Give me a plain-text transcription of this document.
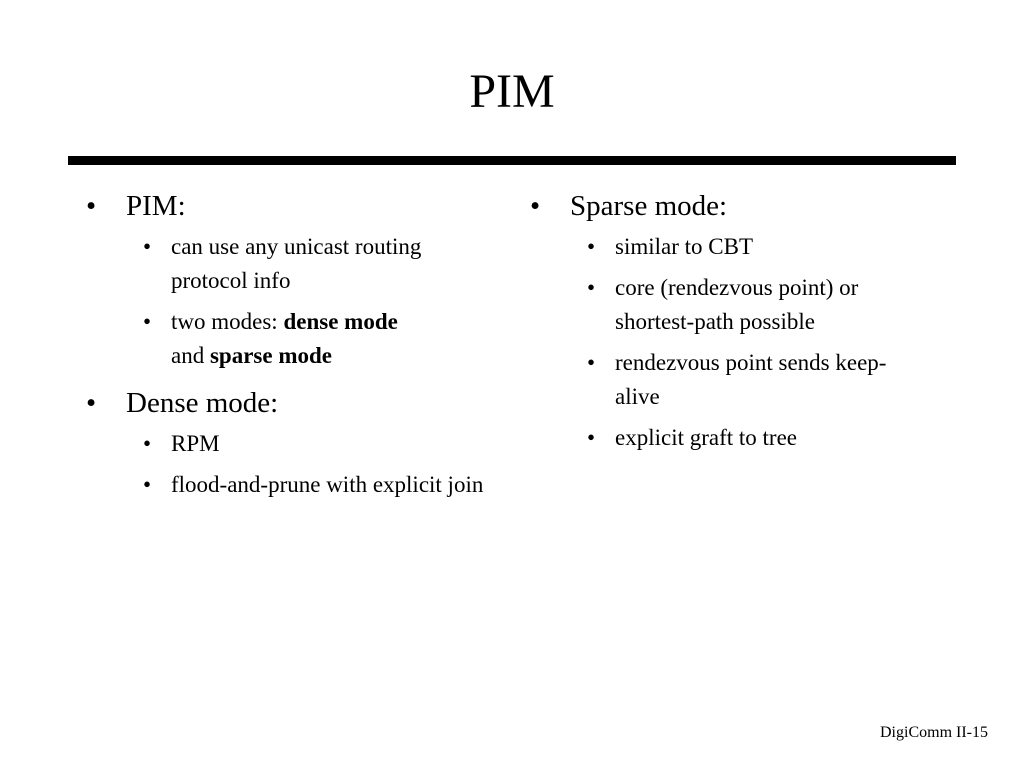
PIM
• PIM:
• can use any unicast routing protocol info
• two modes: dense mode
and sparse mode
• Dense mode:
• RPM
• flood-and-prune with explicit join
• Sparse mode:
• similar to CBT
• core (rendezvous point) or shortest-path possible
• rendezvous point sends keep-alive
• explicit graft to tree
DigiComm II-15
